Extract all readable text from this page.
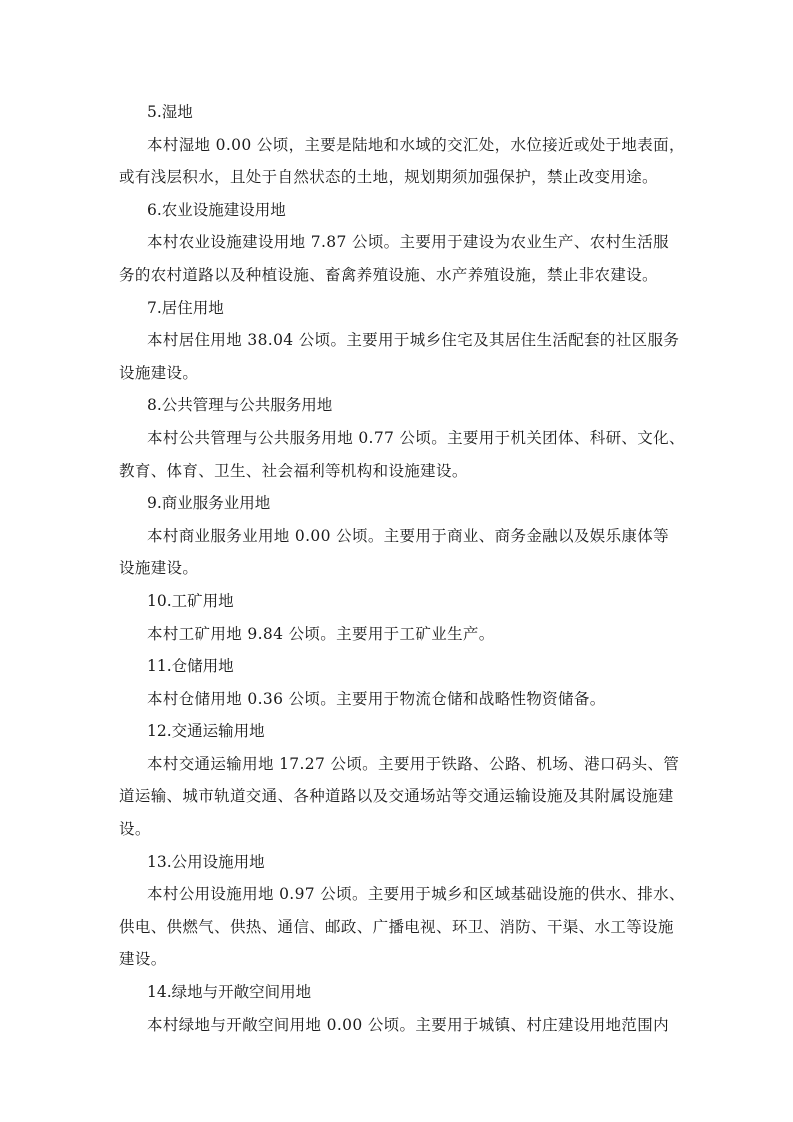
5.湿地

本村湿地 0.00 公顷，主要是陆地和水域的交汇处，水位接近或处于地表面，
或有浅层积水，且处于自然状态的土地，规划期须加强保护，禁止改变用途。

6.农业设施建设用地

本村农业设施建设用地 7.87 公顷。主要用于建设为农业生产、农村生活服
务的农村道路以及种植设施、畜禽养殖设施、水产养殖设施，禁止非农建设。

7.居住用地

本村居住用地 38.04 公顷。主要用于城乡住宅及其居住生活配套的社区服务
设施建设。

8.公共管理与公共服务用地

本村公共管理与公共服务用地 0.77 公顷。主要用于机关团体、科研、文化、
教育、体育、卫生、社会福利等机构和设施建设。

9.商业服务业用地

本村商业服务业用地 0.00 公顷。主要用于商业、商务金融以及娱乐康体等
设施建设。

10.工矿用地

本村工矿用地 9.84 公顷。主要用于工矿业生产。

11.仓储用地

本村仓储用地 0.36 公顷。主要用于物流仓储和战略性物资储备。

12.交通运输用地

本村交通运输用地 17.27 公顷。主要用于铁路、公路、机场、港口码头、管
道运输、城市轨道交通、各种道路以及交通场站等交通运输设施及其附属设施建
设。

13.公用设施用地

本村公用设施用地 0.97 公顷。主要用于城乡和区域基础设施的供水、排水、
供电、供燃气、供热、通信、邮政、广播电视、环卫、消防、干渠、水工等设施
建设。

14.绿地与开敞空间用地

本村绿地与开敞空间用地 0.00 公顷。主要用于城镇、村庄建设用地范围内
